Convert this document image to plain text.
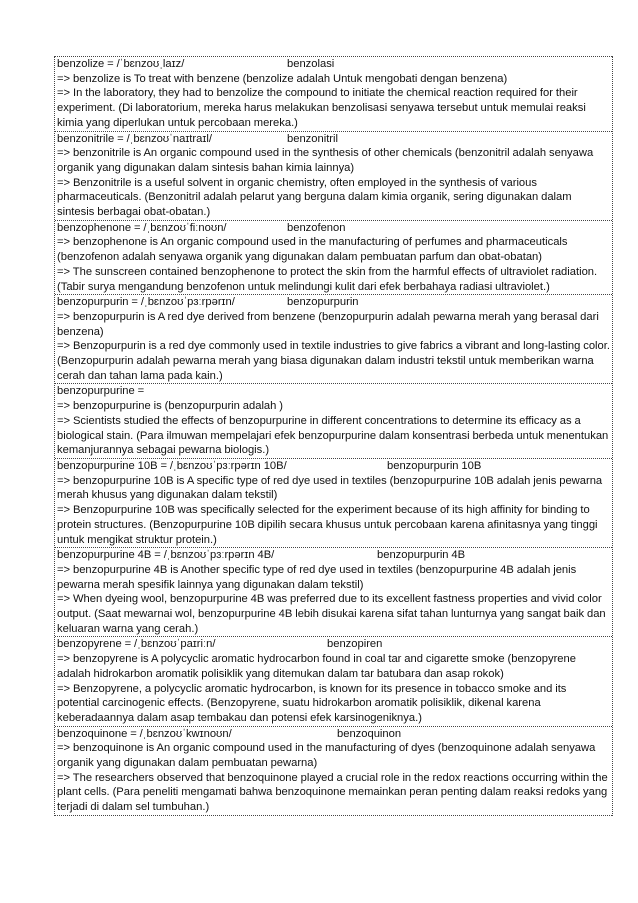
benzolize = /ˈbɛnzoʊˌlaɪz/	benzolasi

=> benzolize is To treat with benzene (benzolize adalah Untuk mengobati dengan benzena)

=> In the laboratory, they had to benzolize the compound to initiate the chemical reaction required for their experiment. (Di laboratorium, mereka harus melakukan benzolisasi senyawa tersebut untuk memulai reaksi kimia yang diperlukan untuk percobaan mereka.)

benzonitrile = /ˌbɛnzoʊˈnaɪtraɪl/	benzonitril

=> benzonitrile is An organic compound used in the synthesis of other chemicals (benzonitril adalah senyawa organik yang digunakan dalam sintesis bahan kimia lainnya)

=> Benzonitrile is a useful solvent in organic chemistry, often employed in the synthesis of various pharmaceuticals. (Benzonitril adalah pelarut yang berguna dalam kimia organik, sering digunakan dalam sintesis berbagai obat-obatan.)

benzophenone = /ˌbɛnzoʊˈfiːnoʊn/	benzofenon

=> benzophenone is An organic compound used in the manufacturing of perfumes and pharmaceuticals (benzofenon adalah senyawa organik yang digunakan dalam pembuatan parfum dan obat-obatan)

=> The sunscreen contained benzophenone to protect the skin from the harmful effects of ultraviolet radiation. (Tabir surya mengandung benzofenon untuk melindungi kulit dari efek berbahaya radiasi ultraviolet.)

benzopurpurin = /ˌbɛnzoʊˈpɜːrpərɪn/	benzopurpurin

=> benzopurpurin is A red dye derived from benzene (benzopurpurin adalah pewarna merah yang berasal dari benzena)

=> Benzopurpurin is a red dye commonly used in textile industries to give fabrics a vibrant and long-lasting color. (Benzopurpurin adalah pewarna merah yang biasa digunakan dalam industri tekstil untuk memberikan warna cerah dan tahan lama pada kain.)

benzopurpurine =

=> benzopurpurine is (benzopurpurin adalah )

=> Scientists studied the effects of benzopurpurine in different concentrations to determine its efficacy as a biological stain. (Para ilmuwan mempelajari efek benzopurpurine dalam konsentrasi berbeda untuk menentukan kemanjurannya sebagai pewarna biologis.)

benzopurpurine 10B = /ˌbɛnzoʊˈpɜːrpərɪn 10B/	benzopurpurin 10B

=> benzopurpurine 10B is A specific type of red dye used in textiles (benzopurpurine 10B adalah jenis pewarna merah khusus yang digunakan dalam tekstil)

=> Benzopurpurine 10B was specifically selected for the experiment because of its high affinity for binding to protein structures. (Benzopurpurine 10B dipilih secara khusus untuk percobaan karena afinitasnya yang tinggi untuk mengikat struktur protein.)

benzopurpurine 4B = /ˌbɛnzoʊˈpɜːrpərɪn 4B/	benzopurpurin 4B

=> benzopurpurine 4B is Another specific type of red dye used in textiles (benzopurpurine 4B adalah jenis pewarna merah spesifik lainnya yang digunakan dalam tekstil)

=> When dyeing wool, benzopurpurine 4B was preferred due to its excellent fastness properties and vivid color output. (Saat mewarnai wol, benzopurpurine 4B lebih disukai karena sifat tahan lunturnya yang sangat baik dan keluaran warna yang cerah.)

benzopyrene = /ˌbɛnzoʊˈpaɪriːn/	benzopiren

=> benzopyrene is A polycyclic aromatic hydrocarbon found in coal tar and cigarette smoke (benzopyrene adalah hidrokarbon aromatik polisiklik yang ditemukan dalam tar batubara dan asap rokok)

=> Benzopyrene, a polycyclic aromatic hydrocarbon, is known for its presence in tobacco smoke and its potential carcinogenic effects. (Benzopyrene, suatu hidrokarbon aromatik polisiklik, dikenal karena keberadaannya dalam asap tembakau dan potensi efek karsinogeniknya.)

benzoquinone = /ˌbɛnzoʊˈkwɪnoʊn/	benzoquinon

=> benzoquinone is An organic compound used in the manufacturing of dyes (benzoquinone adalah senyawa organik yang digunakan dalam pembuatan pewarna)

=> The researchers observed that benzoquinone played a crucial role in the redox reactions occurring within the plant cells. (Para peneliti mengamati bahwa benzoquinone memainkan peran penting dalam reaksi redoks yang terjadi di dalam sel tumbuhan.)
